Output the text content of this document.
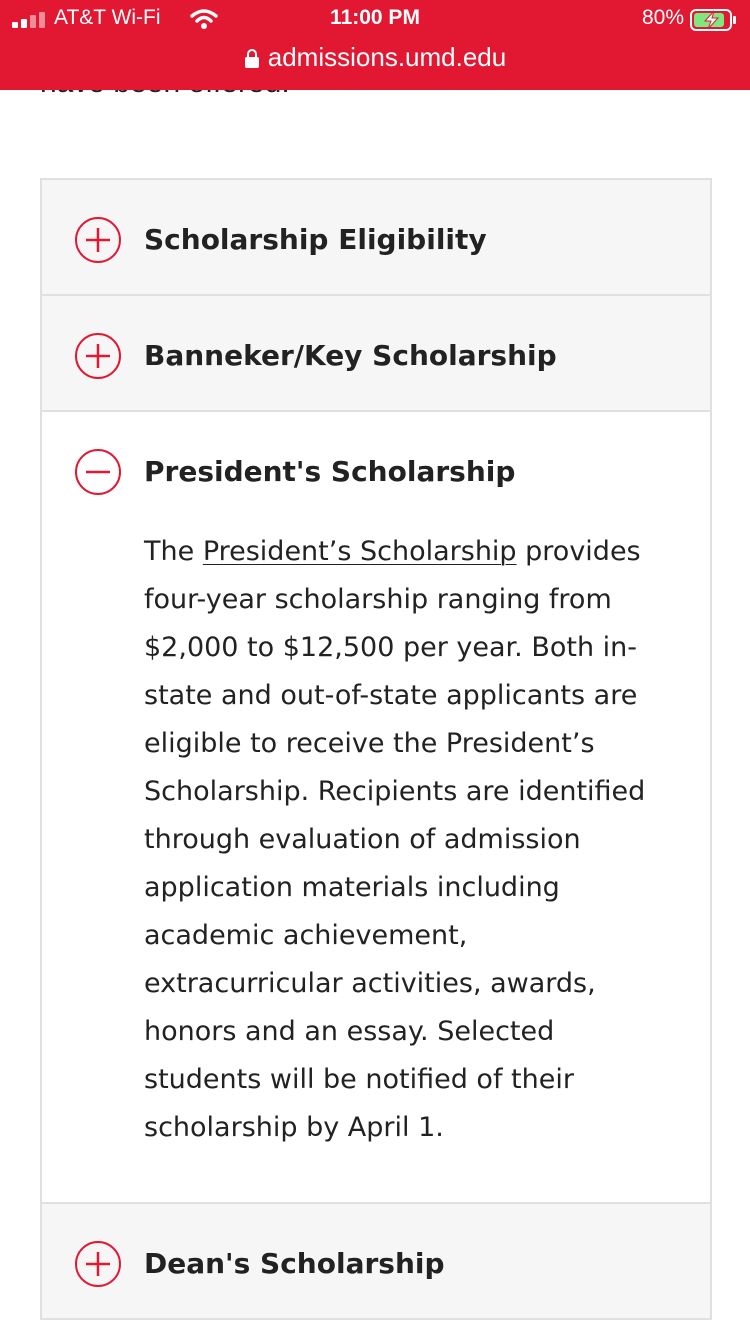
AT&T Wi-Fi	11:00 PM	80%
admissions.umd.edu
Scholarship Eligibility
Banneker/Key Scholarship
President's Scholarship
The President’s Scholarship provides four-year scholarship ranging from $2,000 to $12,500 per year. Both in-state and out-of-state applicants are eligible to receive the President’s Scholarship. Recipients are identified through evaluation of admission application materials including academic achievement, extracurricular activities, awards, honors and an essay. Selected students will be notified of their scholarship by April 1.
Dean's Scholarship
